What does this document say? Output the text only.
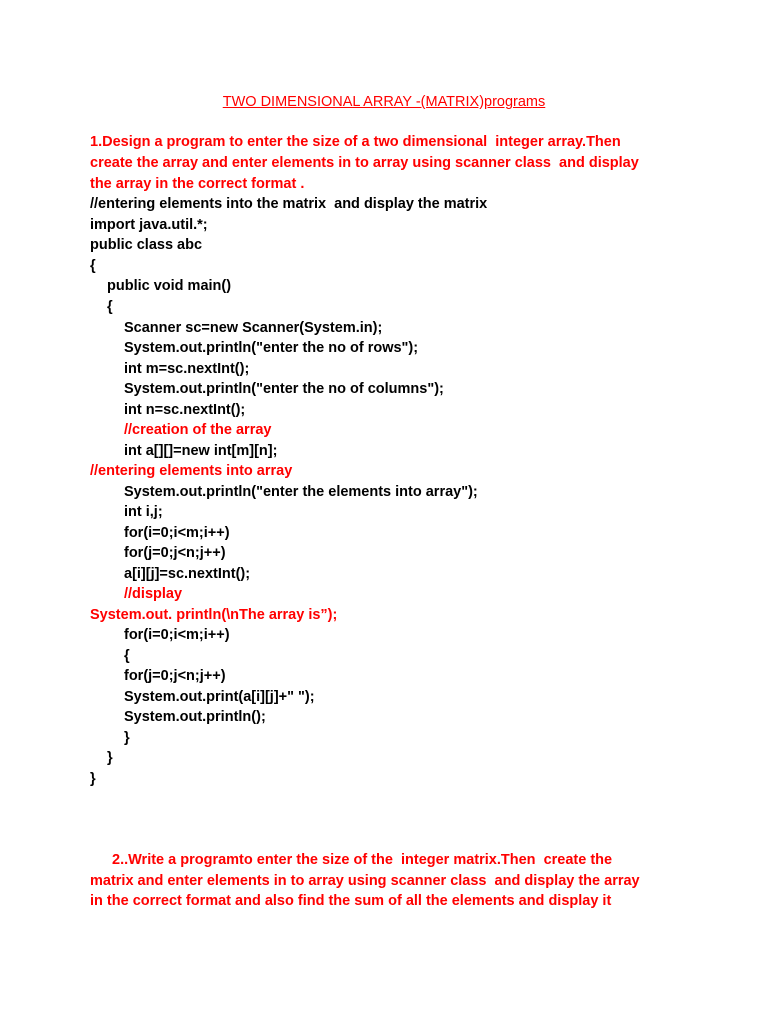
TWO DIMENSIONAL ARRAY -(MATRIX)programs
1.Design a program to enter the size of a two dimensional  integer array.Then
create the array and enter elements in to array using scanner class  and display
the array in the correct format .
//entering elements into the matrix  and display the matrix
import java.util.*;
public class abc
{
public void main()
{
Scanner sc=new Scanner(System.in);
System.out.println("enter the no of rows");
int m=sc.nextInt();
System.out.println("enter the no of columns");
int n=sc.nextInt();
//creation of the array
int a[][]=new int[m][n];
//entering elements into array
System.out.println("enter the elements into array");
int i,j;
for(i=0;i<m;i++)
for(j=0;j<n;j++)
a[i][j]=sc.nextInt();
//display
System.out. println(\nThe array is”);
for(i=0;i<m;i++)
{
for(j=0;j<n;j++)
System.out.print(a[i][j]+" ");
System.out.println();
}
}
}
2..Write a programto enter the size of the  integer matrix.Then  create the
matrix and enter elements in to array using scanner class  and display the array
in the correct format and also find the sum of all the elements and display it
